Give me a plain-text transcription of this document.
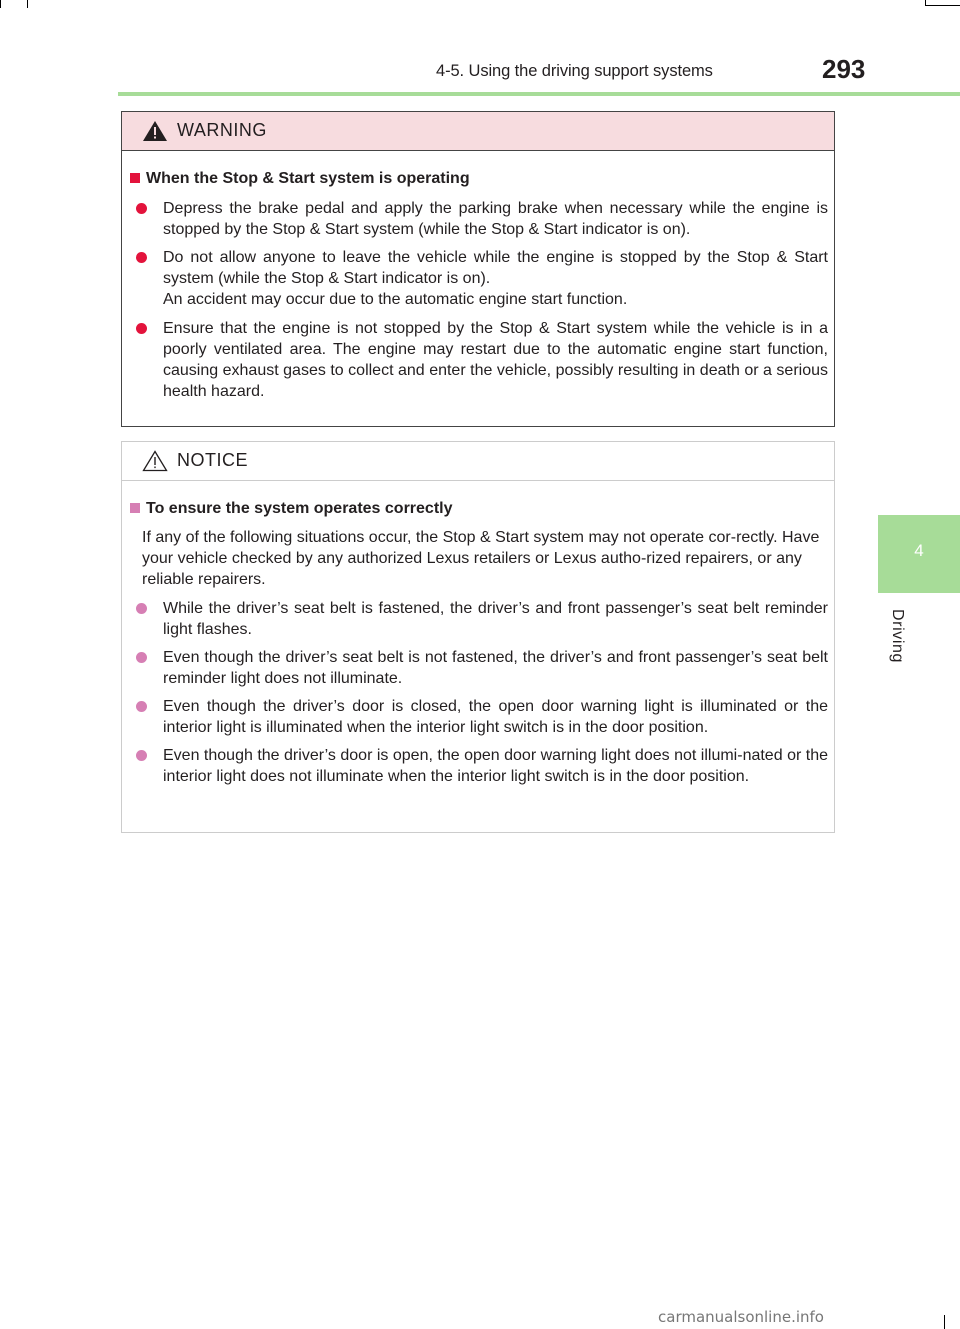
4-5. Using the driving support systems	293
4
Driving
WARNING
When the Stop & Start system is operating
Depress the brake pedal and apply the parking brake when necessary while the engine is stopped by the Stop & Start system (while the Stop & Start indicator is on).
Do not allow anyone to leave the vehicle while the engine is stopped by the Stop & Start system (while the Stop & Start indicator is on).
An accident may occur due to the automatic engine start function.
Ensure that the engine is not stopped by the Stop & Start system while the vehicle is in a poorly ventilated area. The engine may restart due to the automatic engine start function, causing exhaust gases to collect and enter the vehicle, possibly resulting in death or a serious health hazard.
NOTICE
To ensure the system operates correctly
If any of the following situations occur, the Stop & Start system may not operate cor-rectly. Have your vehicle checked by any authorized Lexus retailers or Lexus autho-rized repairers, or any reliable repairers.
While the driver’s seat belt is fastened, the driver’s and front passenger’s seat belt reminder light flashes.
Even though the driver’s seat belt is not fastened, the driver’s and front passenger’s seat belt reminder light does not illuminate.
Even though the driver’s door is closed, the open door warning light is illuminated or the interior light is illuminated when the interior light switch is in the door position.
Even though the driver’s door is open, the open door warning light does not illumi-nated or the interior light does not illuminate when the interior light switch is in the door position.
carmanualsonline.info
